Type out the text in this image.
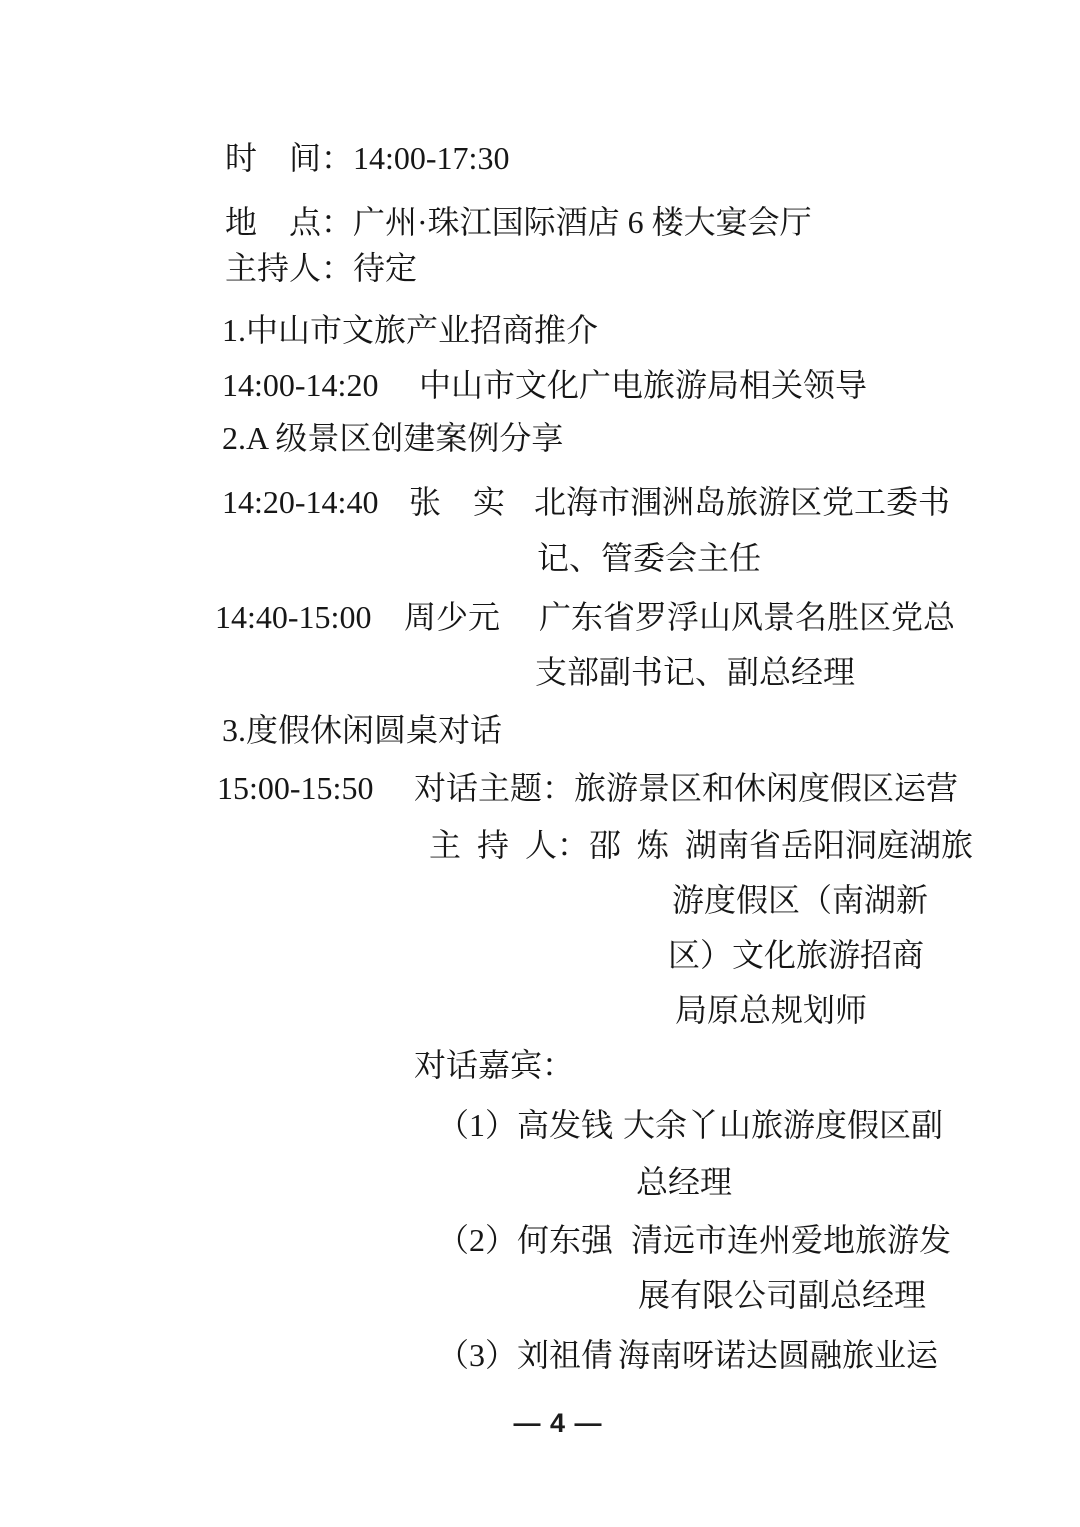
时　间：14:00-17:30
地　点：广州·珠江国际酒店 6 楼大宴会厅
主持人：待定
1.中山市文旅产业招商推介

14:00-14:20

中山市文化广电旅游局相关领导

2.A 级景区创建案例分享

14:20-14:40

张　实

北海市涠洲岛旅游区党工委书

记、管委会主任

14:40-15:00

周少元

广东省罗浮山风景名胜区党总

支部副书记、副总经理
3.度假休闲圆桌对话

15:00-15:50

对话主题：旅游景区和休闲度假区运营

主 持 人：邵 炼 湖南省岳阳洞庭湖旅
游度假区（南湖新
区）文化旅游招商
局原总规划师
对话嘉宾：

（1）高发钱

大余丫山旅游度假区副

总经理

（2）何东强

清远市连州爱地旅游发

展有限公司副总经理

（3）刘祖倩

海南呀诺达圆融旅业运

— 4 —
